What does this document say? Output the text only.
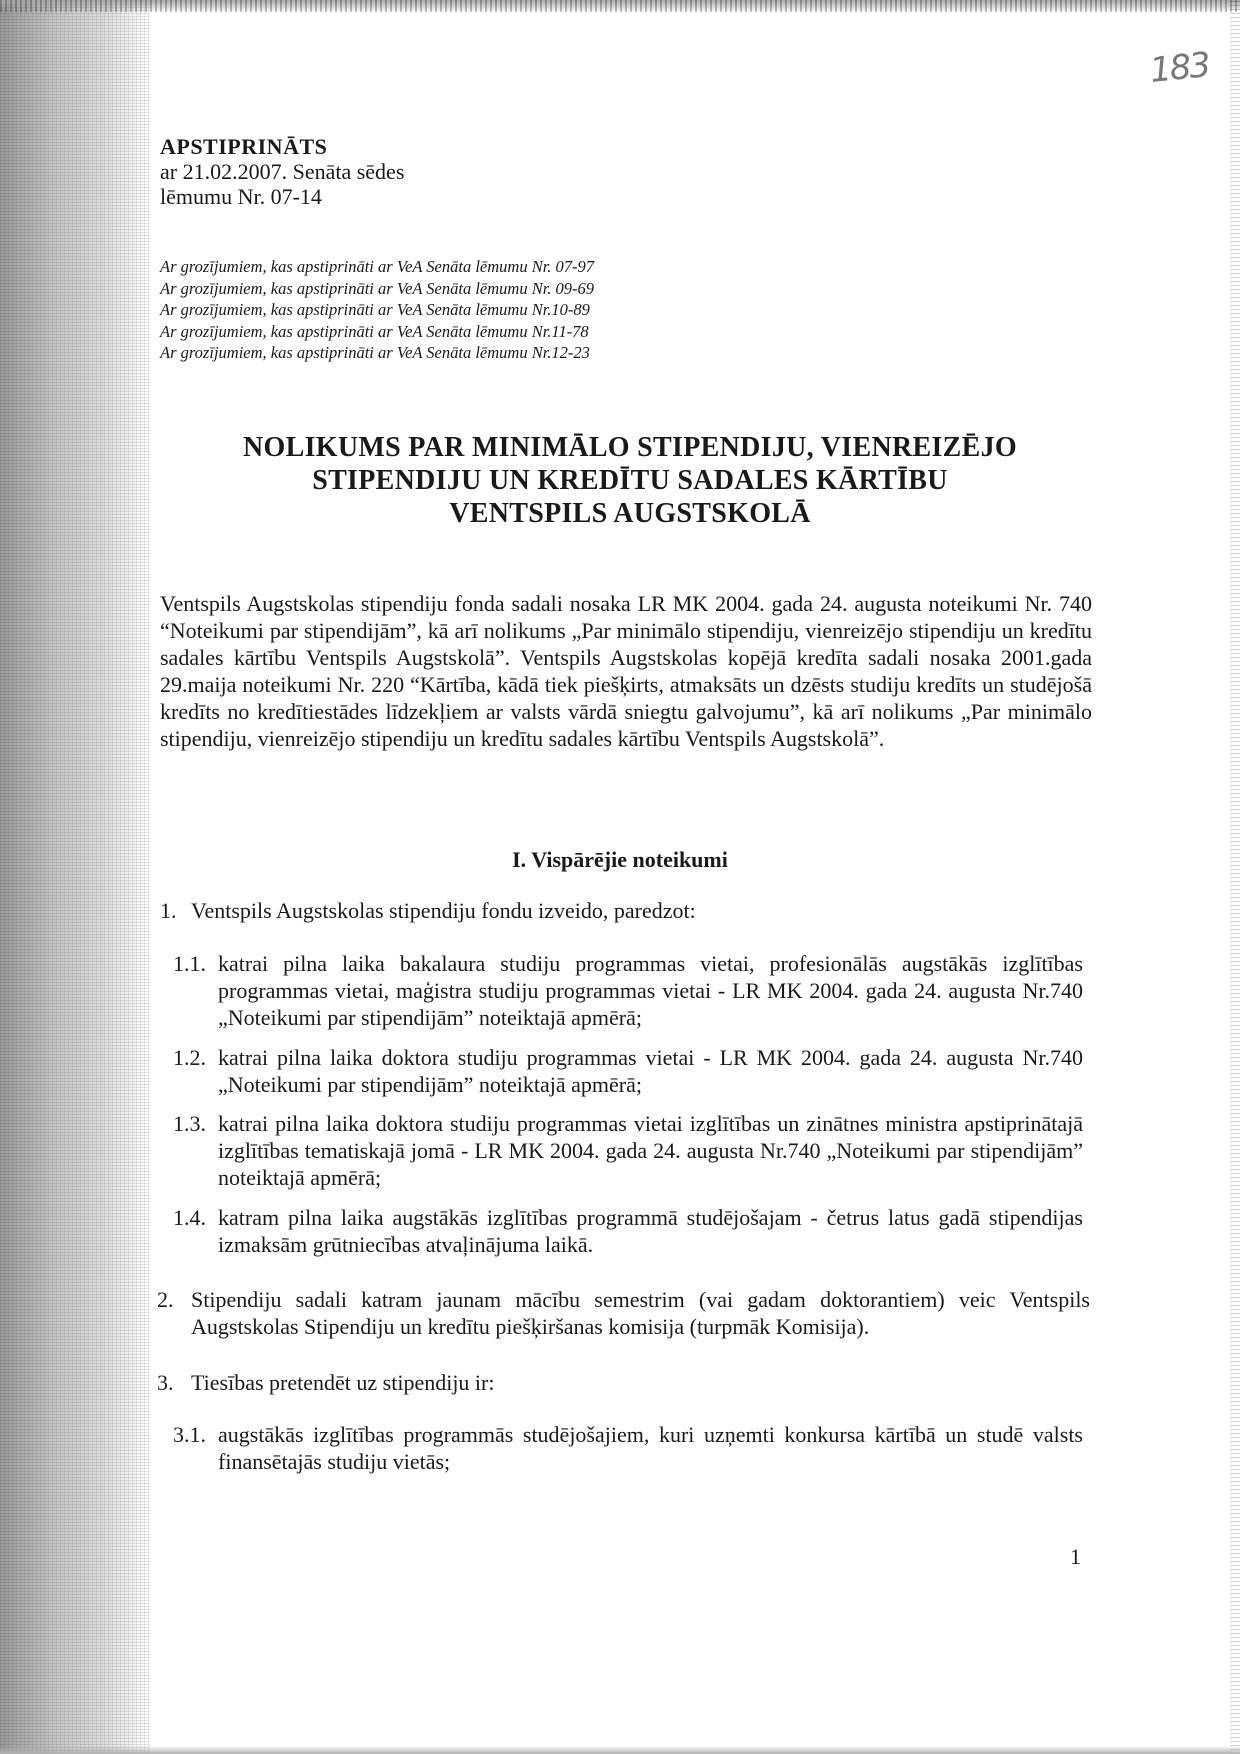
183
APSTIPRINĀTS
ar 21.02.2007. Senāta sēdes
lēmumu Nr. 07-14
Ar grozījumiem, kas apstiprināti ar VeA Senāta lēmumu Nr. 07-97
Ar grozījumiem, kas apstiprināti ar VeA Senāta lēmumu Nr. 09-69
Ar grozījumiem, kas apstiprināti ar VeA Senāta lēmumu Nr.10-89
Ar grozījumiem, kas apstiprināti ar VeA Senāta lēmumu Nr.11-78
Ar grozījumiem, kas apstiprināti ar VeA Senāta lēmumu Nr.12-23
NOLIKUMS PAR MINIMĀLO STIPENDIJU, VIENREIZĒJO
STIPENDIJU UN KREDĪTU SADALES KĀRTĪBU
VENTSPILS AUGSTSKOLĀ
Ventspils Augstskolas stipendiju fonda sadali nosaka LR MK 2004. gada 24. augusta noteikumi Nr. 740 “Noteikumi par stipendijām”, kā arī nolikums „Par minimālo stipendiju, vienreizējo stipendiju un kredītu sadales kārtību Ventspils Augstskolā”. Ventspils Augstskolas kopējā kredīta sadali nosaka 2001.gada 29.maija noteikumi Nr. 220 “Kārtība, kādā tiek piešķirts, atmaksāts un dzēsts studiju kredīts un studējošā kredīts no kredītiestādes līdzekļiem ar valsts vārdā sniegtu galvojumu”, kā arī nolikums „Par minimālo stipendiju, vienreizējo stipendiju un kredītu sadales kārtību Ventspils Augstskolā”.
I. Vispārējie noteikumi
1. Ventspils Augstskolas stipendiju fondu izveido, paredzot:
1.1. katrai pilna laika bakalaura studiju programmas vietai, profesionālās augstākās izglītības programmas vietai, maģistra studiju programmas vietai - LR MK 2004. gada 24. augusta Nr.740 „Noteikumi par stipendijām” noteiktajā apmērā;
1.2. katrai pilna laika doktora studiju programmas vietai - LR MK 2004. gada 24. augusta Nr.740 „Noteikumi par stipendijām” noteiktajā apmērā;
1.3. katrai pilna laika doktora studiju programmas vietai izglītības un zinātnes ministra apstiprinātajā izglītības tematiskajā jomā - LR MK 2004. gada 24. augusta Nr.740 „Noteikumi par stipendijām” noteiktajā apmērā;
1.4. katram pilna laika augstākās izglītības programmā studējošajam - četrus latus gadā stipendijas izmaksām grūtniecības atvaļinājuma laikā.
2. Stipendiju sadali katram jaunam mācību semestrim (vai gadam doktorantiem) veic Ventspils Augstskolas Stipendiju un kredītu piešķiršanas komisija (turpmāk Komisija).
3. Tiesības pretendēt uz stipendiju ir:
3.1. augstākās izglītības programmās studējošajiem, kuri uzņemti konkursa kārtībā un studē valsts finansētajās studiju vietās;
1
